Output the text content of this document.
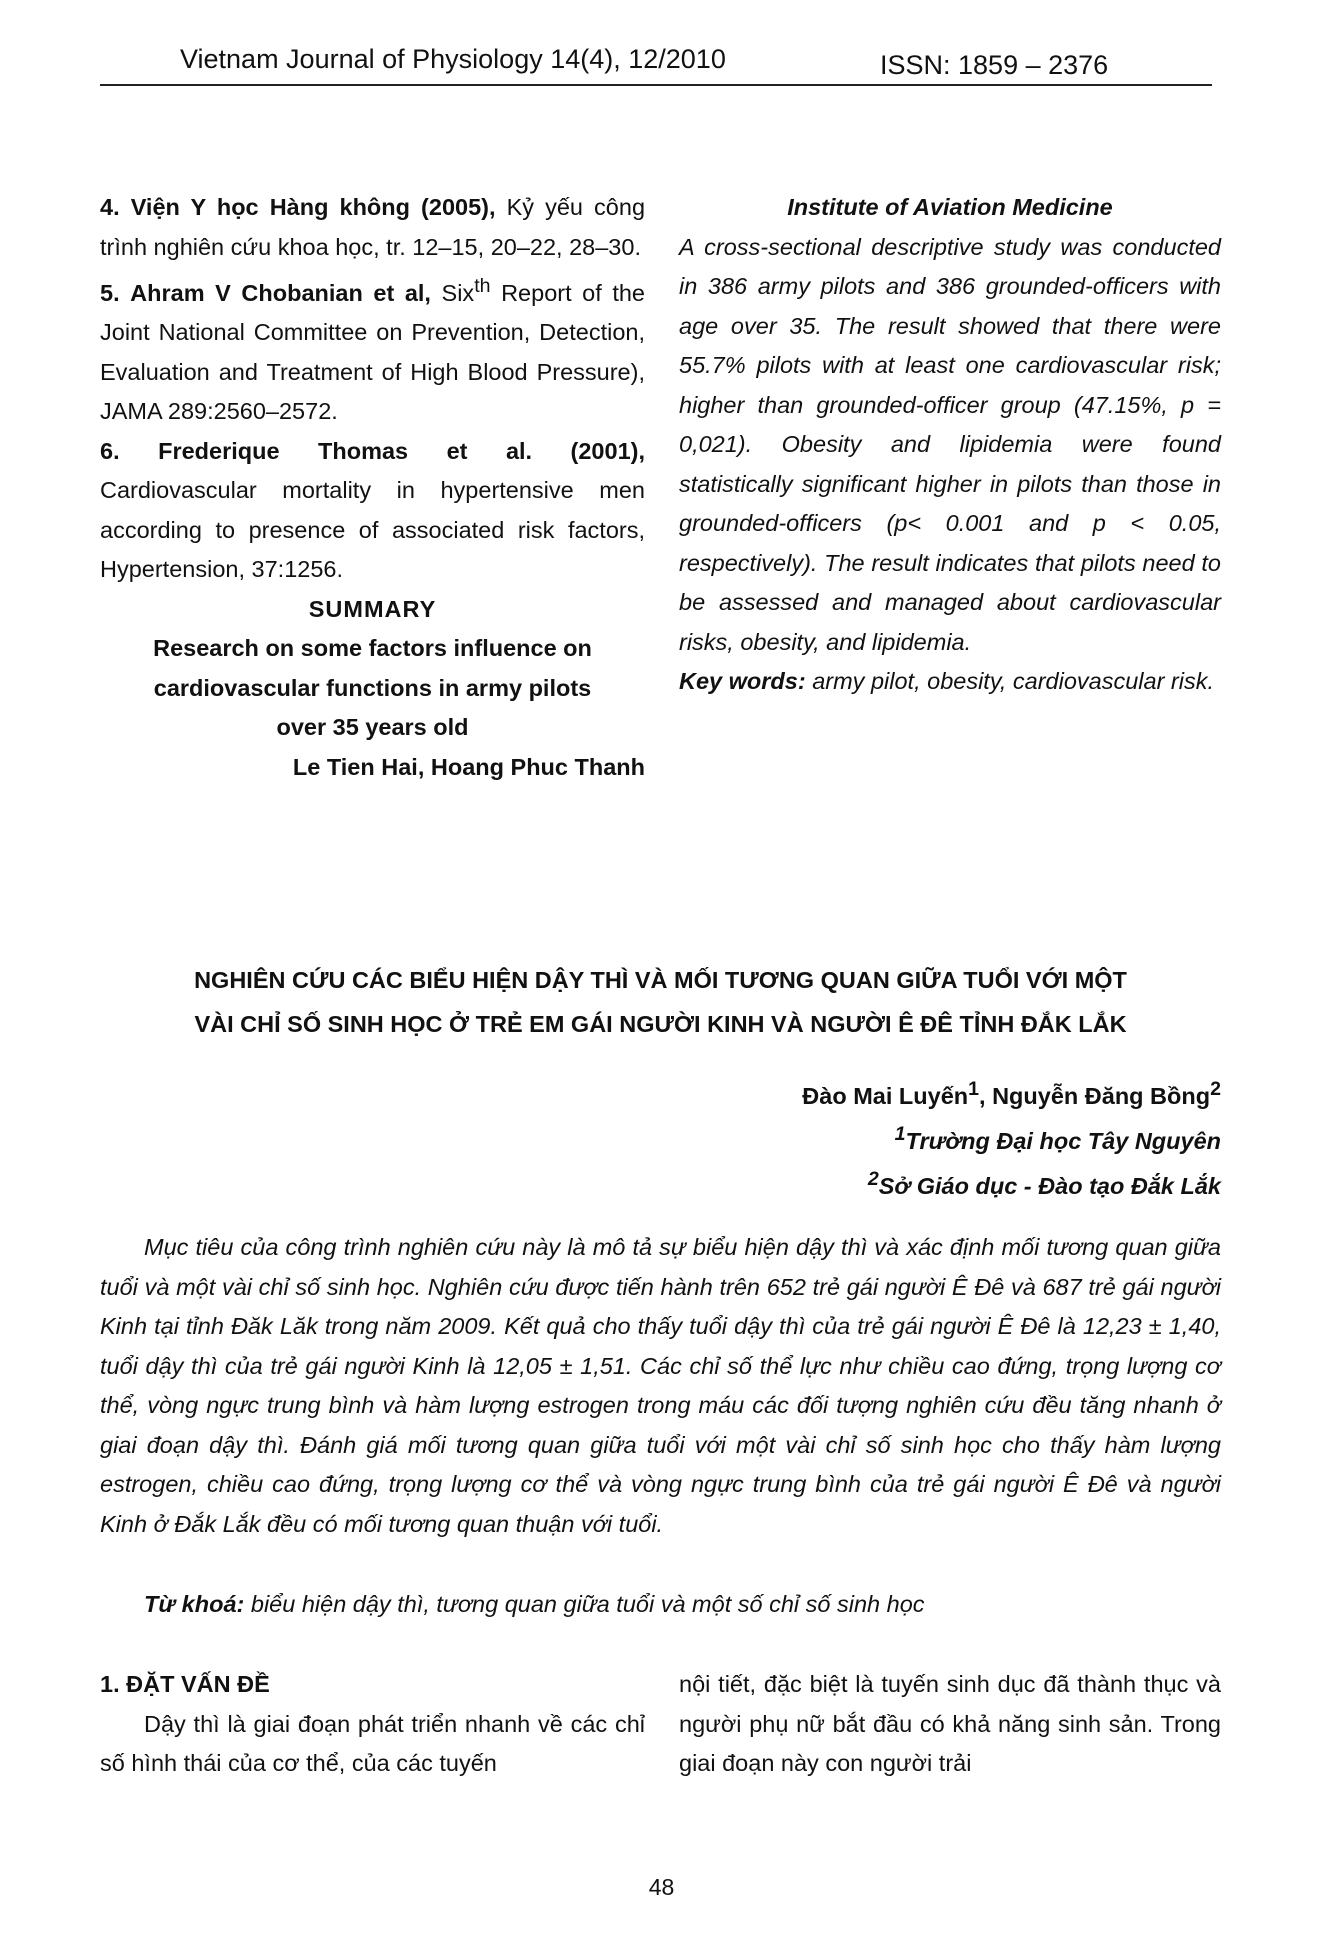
Vietnam Journal of Physiology 14(4), 12/2010	ISSN: 1859 – 2376
4. Viện Y học Hàng không (2005), Kỷ yếu công trình nghiên cứu khoa học, tr. 12–15, 20–22, 28–30.
5. Ahram V Chobanian et al, Six$^{th}$ Report of the Joint National Committee on Prevention, Detection, Evaluation and Treatment of High Blood Pressure), JAMA 289:2560–2572.
6. Frederique Thomas et al. (2001), Cardiovascular mortality in hypertensive men according to presence of associated risk factors, Hypertension, 37:1256.
SUMMARY
Research on some factors influence on
cardiovascular functions in army pilots
over 35 years old
Le Tien Hai, Hoang Phuc Thanh
Institute of Aviation Medicine
A cross-sectional descriptive study was conducted in 386 army pilots and 386 grounded-officers with age over 35. The result showed that there were 55.7% pilots with at least one cardiovascular risk; higher than grounded-officer group (47.15%, p = 0,021). Obesity and lipidemia were found statistically significant higher in pilots than those in grounded-officers (p< 0.001 and p < 0.05, respectively). The result indicates that pilots need to be assessed and managed about cardiovascular risks, obesity, and lipidemia.
Key words: army pilot, obesity, cardiovascular risk.
NGHIÊN CỨU CÁC BIỂU HIỆN DẬY THÌ VÀ MỐI TƯƠNG QUAN GIỮA TUỔI VỚI MỘT
VÀI CHỈ SỐ SINH HỌC Ở TRẺ EM GÁI NGƯỜI KINH VÀ NGƯỜI Ê ĐÊ TỈNH ĐẮK LẮK
Đào Mai Luyến$^1$, Nguyễn Đăng Bồng$^2$
$^1$Trường Đại học Tây Nguyên
$^2$Sở Giáo dục - Đào tạo Đắk Lắk
Mục tiêu của công trình nghiên cứu này là mô tả sự biểu hiện dậy thì và xác định mối tương quan giữa tuổi và một vài chỉ số sinh học. Nghiên cứu được tiến hành trên 652 trẻ gái người Ê Đê và 687 trẻ gái người Kinh tại tỉnh Đăk Lăk trong năm 2009. Kết quả cho thấy tuổi dậy thì của trẻ gái người Ê Đê là 12,23 ± 1,40, tuổi dậy thì của trẻ gái người Kinh là 12,05 ± 1,51. Các chỉ số thể lực như chiều cao đứng, trọng lượng cơ thể, vòng ngực trung bình và hàm lượng estrogen trong máu các đối tượng nghiên cứu đều tăng nhanh ở giai đoạn dậy thì. Đánh giá mối tương quan giữa tuổi với một vài chỉ số sinh học cho thấy hàm lượng estrogen, chiều cao đứng, trọng lượng cơ thể và vòng ngực trung bình của trẻ gái người Ê Đê và người Kinh ở Đắk Lắk đều có mối tương quan thuận với tuổi.
Từ khoá: biểu hiện dậy thì, tương quan giữa tuổi và một số chỉ số sinh học
1. ĐẶT VẤN ĐỀ
Dậy thì là giai đoạn phát triển nhanh về các chỉ số hình thái của cơ thể, của các tuyến
nội tiết, đặc biệt là tuyến sinh dục đã thành thục và người phụ nữ bắt đầu có khả năng sinh sản. Trong giai đoạn này con người trải
48
